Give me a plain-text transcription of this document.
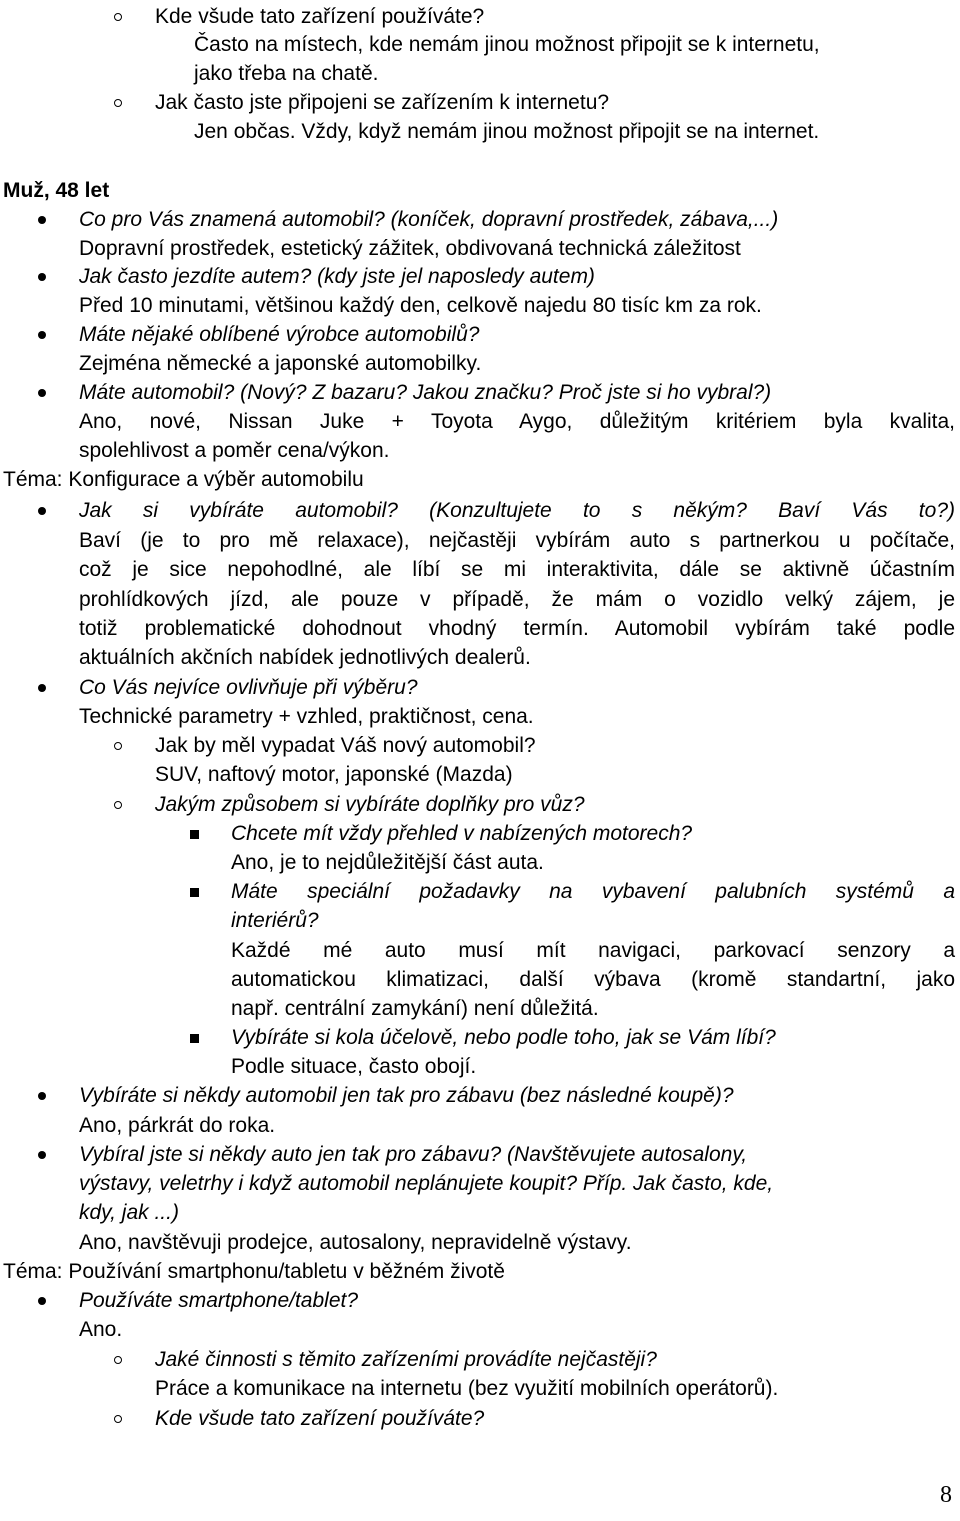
Kde všude tato zařízení používáte?
Často na místech, kde nemám jinou možnost připojit se k internetu,
jako třeba na chatě.
Jak často jste připojeni se zařízením k internetu?
Jen občas. Vždy, když nemám jinou možnost připojit se na internet.
Muž, 48 let
Co pro Vás znamená automobil? (koníček, dopravní prostředek, zábava,...)
Dopravní prostředek, estetický zážitek, obdivovaná technická záležitost
Jak často jezdíte autem? (kdy jste jel naposledy autem)
Před 10 minutami, většinou každý den, celkově najedu 80 tisíc km za rok.
Máte nějaké oblíbené výrobce automobilů?
Zejména německé a japonské automobilky.
Máte automobil? (Nový? Z bazaru? Jakou značku? Proč jste si ho vybral?)
Ano, nové, Nissan Juke + Toyota Aygo, důležitým kritériem byla kvalita,
spolehlivost a poměr cena/výkon.
Téma: Konfigurace a výběr automobilu
Jak si vybíráte automobil? (Konzultujete to s někým? Baví Vás to?)
Baví (je to pro mě relaxace), nejčastěji vybírám auto s partnerkou u počítače,
což je sice nepohodlné, ale líbí se mi interaktivita, dále se aktivně účastním
prohlídkových jízd, ale pouze v případě, že mám o vozidlo velký zájem, je
totiž problematické dohodnout vhodný termín. Automobil vybírám také podle
aktuálních akčních nabídek jednotlivých dealerů.
Co Vás nejvíce ovlivňuje při výběru?
Technické parametry + vzhled, praktičnost, cena.
Jak by měl vypadat Váš nový automobil?
SUV, naftový motor, japonské (Mazda)
Jakým způsobem si vybíráte doplňky pro vůz?
Chcete mít vždy přehled v nabízených motorech?
Ano, je to nejdůležitější část auta.
Máte speciální požadavky na vybavení palubních systémů a
interiérů?
Každé mé auto musí mít navigaci, parkovací senzory a
automatickou klimatizaci, další výbava (kromě standartní, jako
např. centrální zamykání) není důležitá.
Vybíráte si kola účelově, nebo podle toho, jak se Vám líbí?
Podle situace, často obojí.
Vybíráte si někdy automobil jen tak pro zábavu (bez následné koupě)?
Ano, párkrát do roka.
Vybíral jste si někdy auto jen tak pro zábavu? (Navštěvujete autosalony,
výstavy, veletrhy i když automobil neplánujete koupit? Příp. Jak často, kde,
kdy, jak ...)
Ano, navštěvuji prodejce, autosalony, nepravidelně výstavy.
Téma: Používání smartphonu/tabletu v běžném životě
Používáte smartphone/tablet?
Ano.
Jaké činnosti s těmito zařízeními provádíte nejčastěji?
Práce a komunikace na internetu (bez využití mobilních operátorů).
Kde všude tato zařízení používáte?
8
